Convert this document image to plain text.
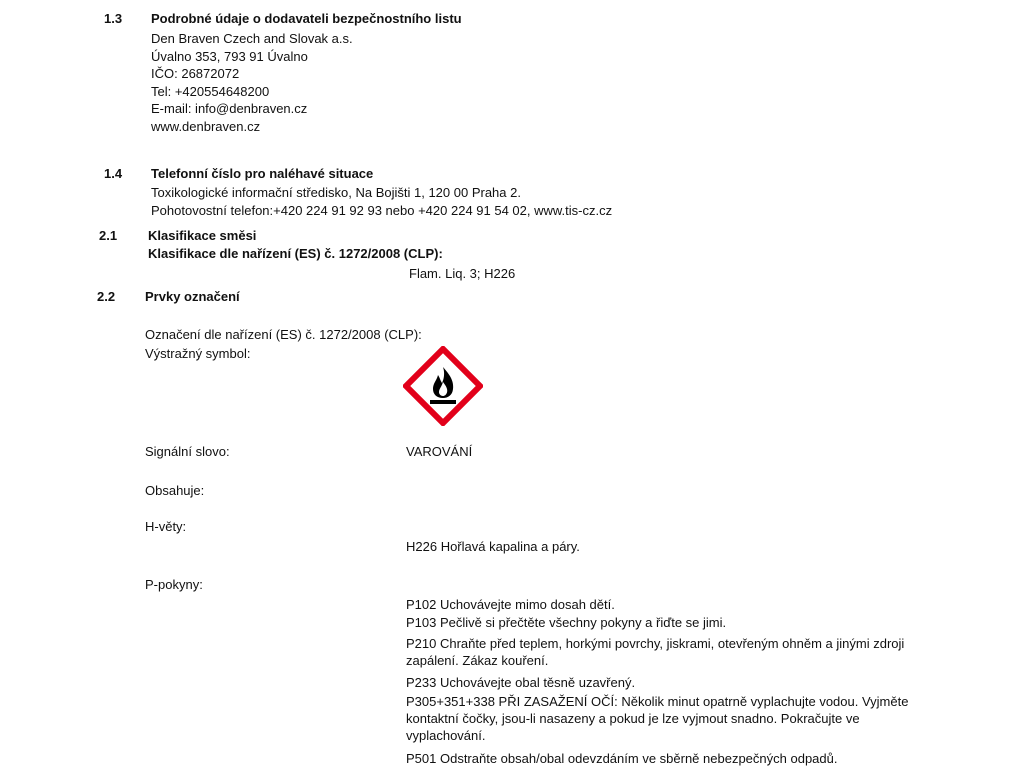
1.3 Podrobné údaje o dodavateli bezpečnostního listu
Den Braven Czech and Slovak a.s.
Úvalno 353, 793 91 Úvalno
IČO: 26872072
Tel: +420554648200
E-mail: info@denbraven.cz
www.denbraven.cz
1.4 Telefonní číslo pro naléhavé situace
Toxikologické informační středisko, Na Bojišti 1, 120 00 Praha 2.
Pohotovostní telefon:+420 224 91 92 93 nebo +420 224 91 54 02, www.tis-cz.cz
2.1 Klasifikace směsi
Klasifikace dle nařízení (ES) č. 1272/2008 (CLP):
Flam. Liq. 3; H226
2.2 Prvky označení
Označení dle nařízení (ES) č. 1272/2008 (CLP):
Výstražný symbol:
Signální slovo:	VAROVÁNÍ
Obsahuje:
H-věty:
H226 Hořlavá kapalina a páry.
P-pokyny:
P102 Uchovávejte mimo dosah dětí.
P103 Pečlivě si přečtěte všechny pokyny a řiďte se jimi.
P210 Chraňte před teplem, horkými povrchy, jiskrami, otevřeným ohněm a jinými zdroji zapálení. Zákaz kouření.
P233 Uchovávejte obal těsně uzavřený.
P305+351+338 PŘI ZASAŽENÍ OČÍ: Několik minut opatrně vyplachujte vodou. Vyjměte kontaktní čočky, jsou-li nasazeny a pokud je lze vyjmout snadno. Pokračujte ve vyplachování.
P501 Odstraňte obsah/obal odevzdáním ve sběrně nebezpečných odpadů.
